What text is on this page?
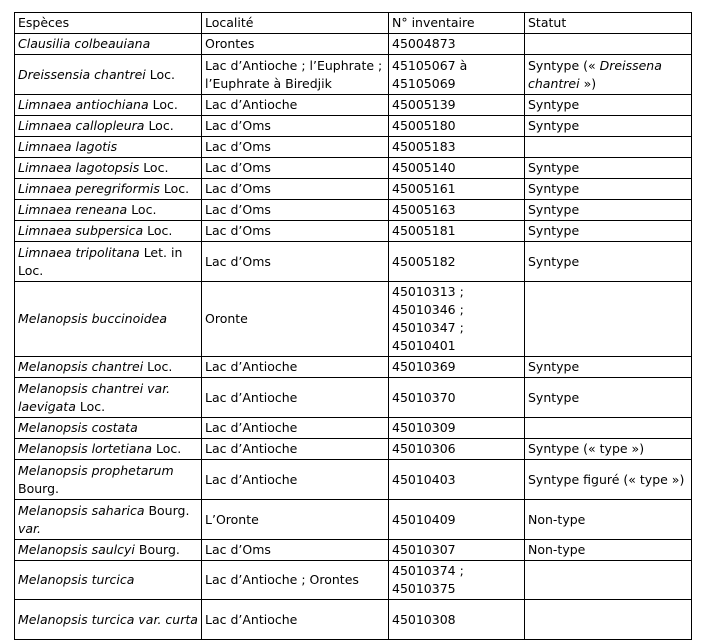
Espèces	Localité	N° inventaire	Statut
Clausilia colbeauiana	Orontes	45004873	
Dreissensia chantrei Loc.	Lac d’Antioche ; l’Euphrate ; l’Euphrate à Biredjik	45105067 à 45105069	Syntype (« Dreissena chantrei »)
Limnaea antiochiana Loc.	Lac d’Antioche	45005139	Syntype
Limnaea callopleura Loc.	Lac d’Oms	45005180	Syntype
Limnaea lagotis	Lac d’Oms	45005183	
Limnaea lagotopsis Loc.	Lac d’Oms	45005140	Syntype
Limnaea peregriformis Loc.	Lac d’Oms	45005161	Syntype
Limnaea reneana Loc.	Lac d’Oms	45005163	Syntype
Limnaea subpersica Loc.	Lac d’Oms	45005181	Syntype
Limnaea tripolitana Let. in Loc.	Lac d’Oms	45005182	Syntype
Melanopsis buccinoidea	Oronte	45010313 ; 45010346 ; 45010347 ; 45010401	
Melanopsis chantrei Loc.	Lac d’Antioche	45010369	Syntype
Melanopsis chantrei var. laevigata Loc.	Lac d’Antioche	45010370	Syntype
Melanopsis costata	Lac d’Antioche	45010309	
Melanopsis lortetiana Loc.	Lac d’Antioche	45010306	Syntype (« type »)
Melanopsis prophetarum Bourg.	Lac d’Antioche	45010403	Syntype figuré (« type »)
Melanopsis saharica Bourg. var.	L’Oronte	45010409	Non-type
Melanopsis saulcyi Bourg.	Lac d’Oms	45010307	Non-type
Melanopsis turcica	Lac d’Antioche ; Orontes	45010374 ; 45010375	
Melanopsis turcica var. curta	Lac d’Antioche	45010308	
